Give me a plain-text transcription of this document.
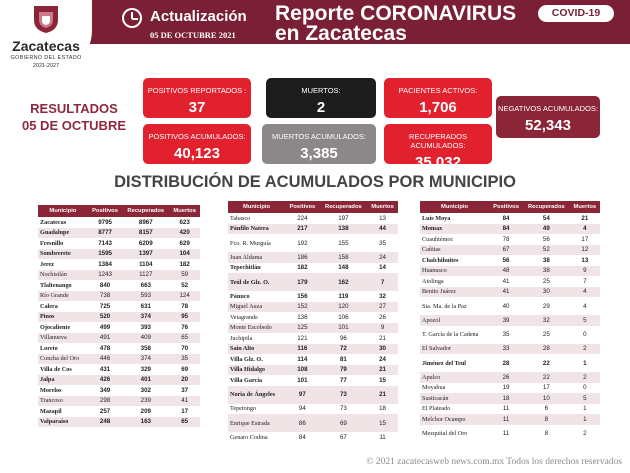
Zacatecas
GOBIERNO DEL ESTADO
2021-2027
Actualización
05 DE OCTUBRE 2021
Reporte CORONAVIRUS
en Zacatecas
COVID-19
RESULTADOS
05 DE OCTUBRE
POSITIVOS REPORTADOS :
37
MUERTOS:
2
PACIENTES ACTIVOS:
1,706	NEGATIVOS ACUMULADOS:
52,343
POSITIVOS ACUMULADOS:
40,123
MUERTOS ACUMULADOS:
3,385
RECUPERADOS ACUMULADOS:
35,032
DISTRIBUCIÓN DE ACUMULADOS POR MUNICIPIO
Municipio	Positivos	Recuperados	Muertos
Zacatecas	9795	8967	623
Guadalupe	8777	8157	420
Fresnillo	7143	6209	629
Sombrerete	1595	1397	104
Jerez	1384	1104	182
Nochistlán	1243	1127	59
Tlaltenango	840	663	52
Río Grande	738	593	124
Calera	725	631	78
Pinos	520	374	95
Ojocaliente	499	393	76
Villanueva	491	409	65
Loreto	478	358	70
Concha del Oro	446	374	35
Villa de Cos	431	329	69
Jalpa	426	401	20
Morelos	349	302	37
Trancoso	298	239	41
Mazapil	257	209	17
Valparaíso	248	163	65
Municipio	Positivos	Recuperados	Muertos
Tabasco	224	197	13
Pánfilo Natera	217	138	44
Fco. R. Murguía	192	155	35
Juan Aldama	186	158	24
Tepechitlán	182	148	14
Teúl de Glz. O.	179	162	7
Pánuco	156	119	32
Miguel Auza	152	120	27
Vetagrande	136	106	26
Monte Escobedo	125	101	9
Juchipila	121	96	21
Sain Alto	116	72	30
Villa Glz. O.	114	81	24
Villa Hidalgo	108	79	21
Villa García	101	77	15
Noria de Ángeles	97	73	21
Tepetongo	94	73	18
Enrique Estrada	86	69	15
Genaro Codina	84	67	11
Municipio	Positivos	Recuperados	Muertos
Luis Moya	84	54	21
Momax	84	49	4
Cuauhtémoc	78	56	17
Cañitas	67	52	12
Chalchihuites	56	38	13
Huanusco	48	38	9
Atolinga	41	25	7
Benito Juárez	41	30	4
Sta. Ma. de la Paz	40	29	4
Apozol	39	32	5
T. García de la Cadena	35	25	0
El Salvador	33	28	2
Jiménez del Teul	28	22	1
Apulco	26	22	2
Moyahua	19	17	0
Susticacán	18	10	5
El Plateado	11	6	1
Melchor Ocampo	11	8	1
Mezquital del Oro	11	8	2
© 2021 zacatecasweb news.com.mx Todos los derechos reservados
